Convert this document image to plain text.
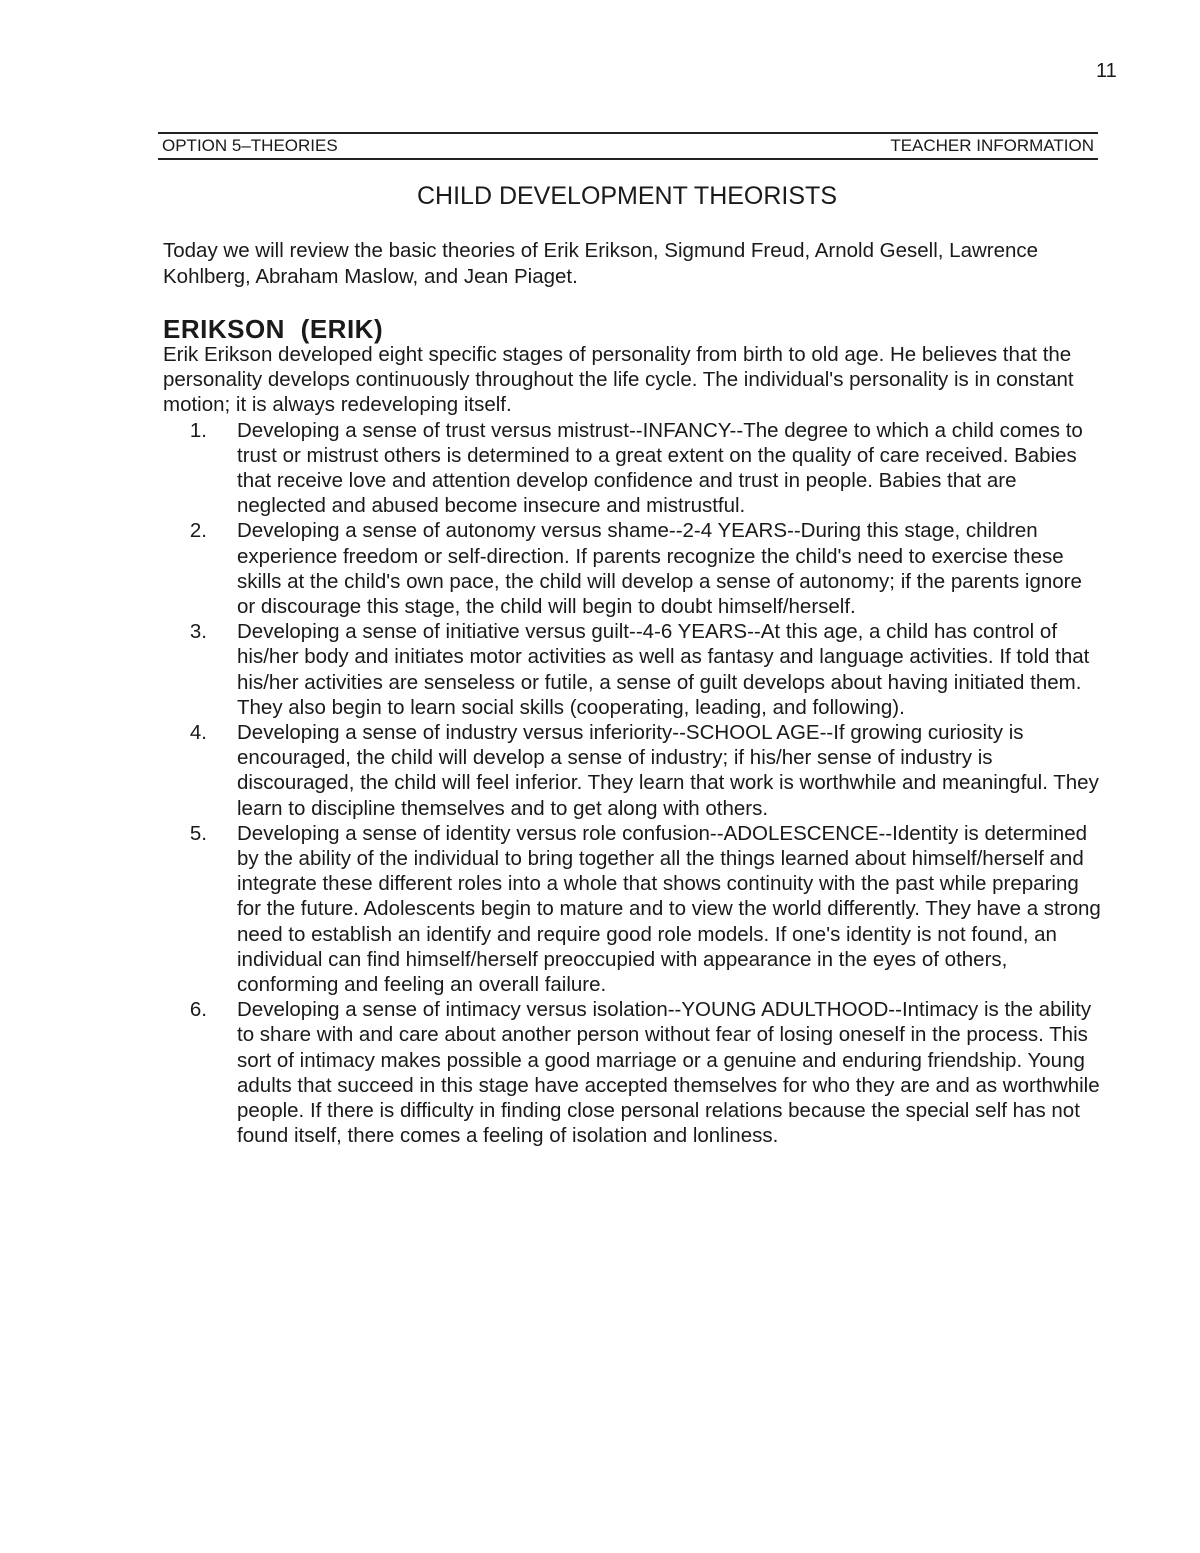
11
OPTION 5–THEORIES	TEACHER INFORMATION
CHILD DEVELOPMENT THEORISTS

Today we will review the basic theories of Erik Erikson, Sigmund Freud, Arnold Gesell, Lawrence Kohlberg, Abraham Maslow, and Jean Piaget.

ERIKSON (ERIK)

Erik Erikson developed eight specific stages of personality from birth to old age. He believes that the personality develops continuously throughout the life cycle. The individual's personality is in constant motion; it is always redeveloping itself.

1. Developing a sense of trust versus mistrust--INFANCY--The degree to which a child comes to trust or mistrust others is determined to a great extent on the quality of care received. Babies that receive love and attention develop confidence and trust in people. Babies that are neglected and abused become insecure and mistrustful.
2. Developing a sense of autonomy versus shame--2-4 YEARS--During this stage, children experience freedom or self-direction. If parents recognize the child's need to exercise these skills at the child's own pace, the child will develop a sense of autonomy; if the parents ignore or discourage this stage, the child will begin to doubt himself/herself.
3. Developing a sense of initiative versus guilt--4-6 YEARS--At this age, a child has control of his/her body and initiates motor activities as well as fantasy and language activities. If told that his/her activities are senseless or futile, a sense of guilt develops about having initiated them. They also begin to learn social skills (cooperating, leading, and following).
4. Developing a sense of industry versus inferiority--SCHOOL AGE--If growing curiosity is encouraged, the child will develop a sense of industry; if his/her sense of industry is discouraged, the child will feel inferior. They learn that work is worthwhile and meaningful. They learn to discipline themselves and to get along with others.
5. Developing a sense of identity versus role confusion--ADOLESCENCE--Identity is determined by the ability of the individual to bring together all the things learned about himself/herself and integrate these different roles into a whole that shows continuity with the past while preparing for the future. Adolescents begin to mature and to view the world differently. They have a strong need to establish an identify and require good role models. If one's identity is not found, an individual can find himself/herself preoccupied with appearance in the eyes of others, conforming and feeling an overall failure.
6. Developing a sense of intimacy versus isolation--YOUNG ADULTHOOD--Intimacy is the ability to share with and care about another person without fear of losing oneself in the process. This sort of intimacy makes possible a good marriage or a genuine and enduring friendship. Young adults that succeed in this stage have accepted themselves for who they are and as worthwhile people. If there is difficulty in finding close personal relations because the special self has not found itself, there comes a feeling of isolation and lonliness.
